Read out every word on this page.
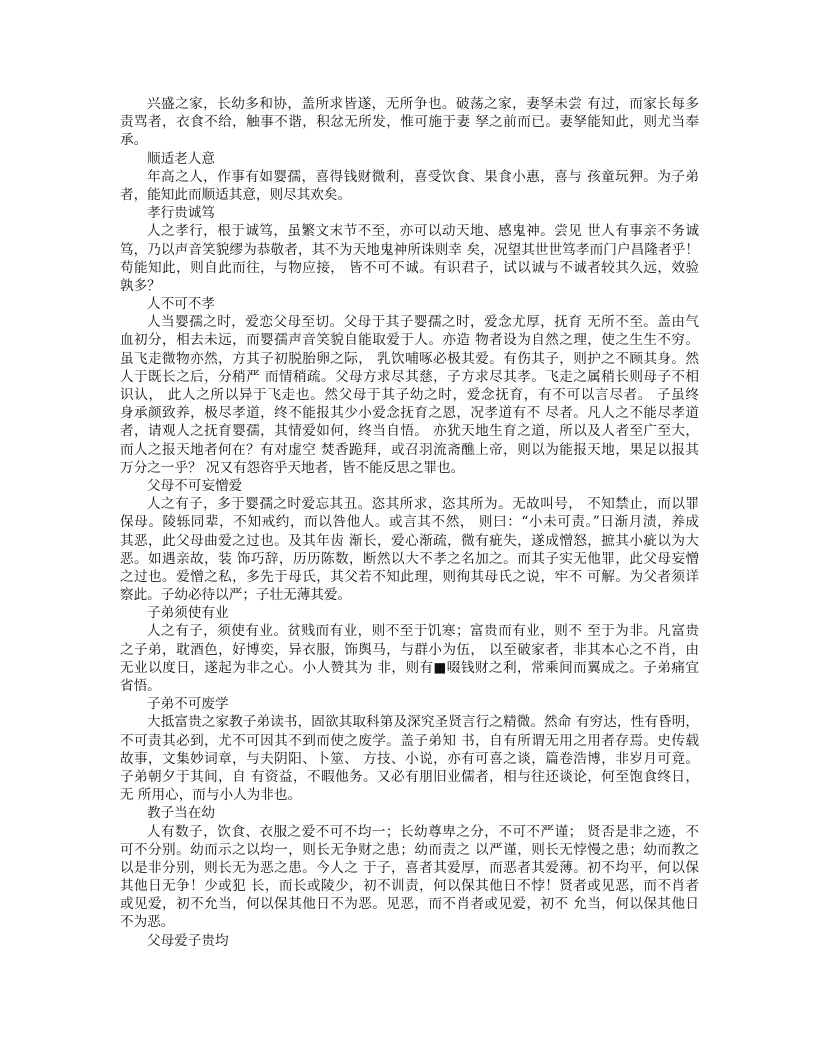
兴盛之家，长幼多和协，盖所求皆遂，无所争也。破荡之家，妻孥未尝 有过，而家长每多
责骂者，衣食不给，触事不谐，积忿无所发，惟可施于妻 孥之前而已。妻孥能知此，则尤当奉
承。
顺适老人意
年高之人，作事有如婴孺，喜得钱财微利，喜受饮食、果食小惠，喜与 孩童玩狎。为子弟
者，能知此而顺适其意，则尽其欢矣。
孝行贵诚笃
人之孝行，根于诚笃，虽繁文末节不至，亦可以动天地、感鬼神。尝见 世人有事亲不务诚
笃，乃以声音笑貌缪为恭敬者，其不为天地鬼神所诛则幸 矣，况望其世世笃孝而门户昌隆者乎！
苟能知此，则自此而往，与物应接， 皆不可不诚。有识君子，试以诚与不诚者较其久远，效验
孰多？
人不可不孝
人当婴孺之时，爱恋父母至切。父母于其子婴孺之时，爱念尤厚，抚育 无所不至。盖由气
血初分，相去未远，而婴孺声音笑貌自能取爱于人。亦造 物者设为自然之理，使之生生不穷。
虽飞走微物亦然，方其子初脱胎卵之际， 乳饮哺啄必极其爱。有伤其子，则护之不顾其身。然
人于既长之后，分稍严 而情稍疏。父母方求尽其慈，子方求尽其孝。飞走之属稍长则母子不相
识认， 此人之所以异于飞走也。然父母于其子幼之时，爱念抚育，有不可以言尽者。 子虽终
身承颜致养，极尽孝道，终不能报其少小爱念抚育之恩，况孝道有不 尽者。凡人之不能尽孝道
者，请观人之抚育婴孺，其情爱如何，终当自悟。 亦犹天地生育之道，所以及人者至广至大，
而人之报天地者何在？有对虚空 焚香跪拜，或召羽流斋醮上帝，则以为能报天地，果足以报其
万分之一乎？ 况又有怨咨乎天地者，皆不能反思之罪也。
父母不可妄憎爱
人之有子，多于婴孺之时爱忘其丑。恣其所求，恣其所为。无故叫号， 不知禁止，而以罪
保母。陵轹同辈，不知戒约，而以咎他人。或言其不然， 则曰：“小未可责。”日渐月渍，养成
其恶，此父母曲爱之过也。及其年齿 渐长，爱心渐疏，微有疵失，遂成憎怒，摭其小疵以为大
恶。如遇亲故，装 饰巧辞，历历陈数，断然以大不孝之名加之。而其子实无他罪，此父母妄憎
之过也。爱憎之私，多先于母氏，其父若不知此理，则徇其母氏之说，牢不 可解。为父者须详
察此。子幼必待以严；子壮无薄其爱。
子弟须使有业
人之有子，须使有业。贫贱而有业，则不至于饥寒；富贵而有业，则不 至于为非。凡富贵
之子弟，耽酒色，好博奕，异衣服，饰舆马，与群小为伍， 以至破家者，非其本心之不肖，由
无业以度日，遂起为非之心。小人赞其为 非，则有■啜钱财之利，常乘间而翼成之。子弟痛宜
省悟。
子弟不可废学
大抵富贵之家教子弟读书，固欲其取科第及深究圣贤言行之精微。然命 有穷达，性有昏明，
不可责其必到，尤不可因其不到而使之废学。盖子弟知 书，自有所谓无用之用者存焉。史传载
故事，文集妙词章，与夫阴阳、卜筮、 方技、小说，亦有可喜之谈，篇卷浩博，非岁月可竟。
子弟朝夕于其间，自 有资益，不暇他务。又必有朋旧业儒者，相与往还谈论，何至饱食终日，
无 所用心，而与小人为非也。
教子当在幼
人有数子，饮食、衣服之爱不可不均一；长幼尊卑之分，不可不严谨； 贤否是非之迹，不
可不分别。幼而示之以均一，则长无争财之患；幼而责之 以严谨，则长无悖慢之患；幼而教之
以是非分别，则长无为恶之患。今人之 于子，喜者其爱厚，而恶者其爱薄。初不均平，何以保
其他日无争！少或犯 长，而长或陵少，初不训责，何以保其他日不悖！贤者或见恶，而不肖者
或见爱，初不允当，何以保其他日不为恶。见恶，而不肖者或见爱，初不 允当，何以保其他日
不为恶。
父母爱子贵均
